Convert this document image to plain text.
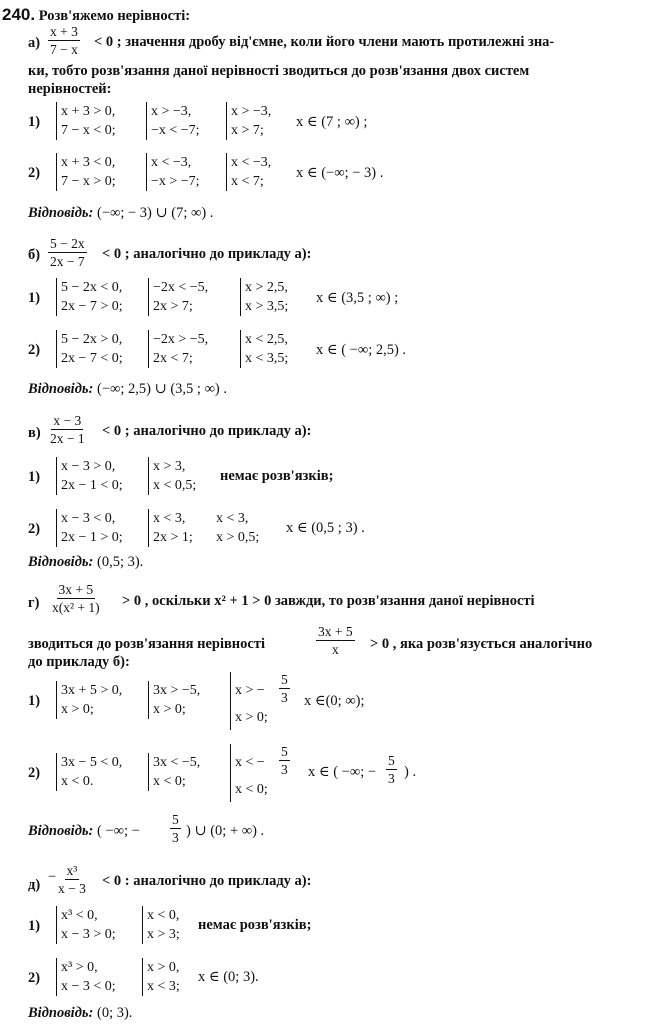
240. Розв'яжемо нерівності:
$а) \frac{x + 3}{7 - x} < 0$ ; значення дробу від'ємне, коли його члени мають протилежні зна-
ки, тобто розв'язання даної нерівності зводиться до розв'язання двох систем
нерівностей:
1)
x + 3 > 0,
7 − x < 0;
x > −3,
−x < −7;
x > −3,
x > 7;
x ∈ (7 ; ∞) ;
2)
x + 3 < 0,
7 − x > 0;
x < −3,
−x > −7;
x < −3,
x < 7;
x ∈ (−∞; − 3) .
Відповідь: (−∞; − 3) ∪ (7; ∞) .
$б) \frac{5 - 2x}{2x - 7} < 0$ ; аналогічно до прикладу а):
1)
5 − 2x < 0,
2x − 7 > 0;
−2x < −5,
2x > 7;
x > 2,5,
x > 3,5;
x ∈ (3,5 ; ∞) ;
2)
5 − 2x > 0,
2x − 7 < 0;
−2x > −5,
2x < 7;
x < 2,5,
x < 3,5;
x ∈ ( −∞; 2,5) .
Відповідь: (−∞; 2,5) ∪ (3,5 ; ∞) .
$в) \frac{x - 3}{2x - 1} < 0$ ; аналогічно до прикладу а):
1)
x − 3 > 0,
2x − 1 < 0;
x > 3,
x < 0,5;
немає розв'язків;
2)
x − 3 < 0,
2x − 1 > 0;
x < 3,
2x > 1;
x < 3,
x > 0,5;
x ∈ (0,5 ; 3) .
Відповідь: (0,5; 3).
$г) \frac{3x + 5}{\text{x(x² + 1)}} > 0$ , оскільки x² + 1 > 0 завжди, то розв'язання даної нерівності
зводиться до розв'язання нерівності	$\frac{3x + 5}{x} > 0$ , яка розв'язується аналогічно
до прикладу б):
1)
3x + 5 > 0,
x > 0;
3x > −5,
x > 0;
x > − $\frac{5}{3}$
x > 0;
x ∈(0; ∞);
2)
3x − 5 < 0,
x < 0.
3x < −5,
x < 0;
x < − $\frac{5}{3}$
x < 0;
x ∈ ( −∞; − $\frac{5}{3}$ ) .
Відповідь: ( −∞; − $\frac{5}{3}$ ) ∪ (0; + ∞) .
$д) - \frac{\text{x³}}{x - 3} < 0$ : аналогічно до прикладу а):
1)
x³ < 0,
x − 3 > 0;
x < 0,
x > 3;
немає розв'язків;
2)
x³ > 0,
x − 3 < 0;
x > 0,
x < 3;
x ∈ (0; 3).
Відповідь: (0; 3).
